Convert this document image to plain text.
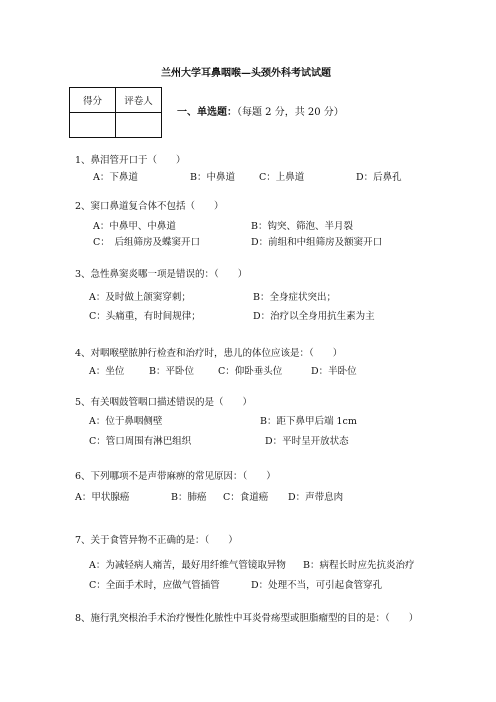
兰州大学耳鼻咽喉—头颈外科考试试题
得分	评卷人

一、单选题：（每题 2 分，共 20 分）
1、鼻泪管开口于（　　）
A：下鼻道	B：中鼻道	C：上鼻道	D：后鼻孔
2、窦口鼻道复合体不包括（　　）
A：中鼻甲、中鼻道	B：钩突、筛泡、半月裂
C：　后组筛房及蝶窦开口	D：前组和中组筛房及额窦开口
3、急性鼻窦炎哪一项是错误的：（　　）
A：及时做上颌窦穿刺；	B：全身症状突出；
C：头痛重，有时间规律；	D：治疗以全身用抗生素为主
4、对咽喉壁脓肿行检查和治疗时，患儿的体位应该是：（　　）
A：坐位	B：平卧位	C：仰卧垂头位	D：半卧位
5、有关咽鼓管咽口描述错误的是（　　）
A：位于鼻咽侧壁	B：距下鼻甲后端 1cm
C：管口周围有淋巴组织	D：平时呈开放状态
6、下列哪项不是声带麻痹的常见原因：（　　）
A：甲状腺癌	B：肺癌 C：食道癌 D：声带息肉
7、关于食管异物不正确的是：（　　）
A：为减轻病人痛苦，最好用纤维气管镜取异物 B：病程长时应先抗炎治疗
C：全面手术时，应做气管插管	D：处理不当，可引起食管穿孔
8、施行乳突根治手术治疗慢性化脓性中耳炎骨疡型或胆脂瘤型的目的是：（　　）
